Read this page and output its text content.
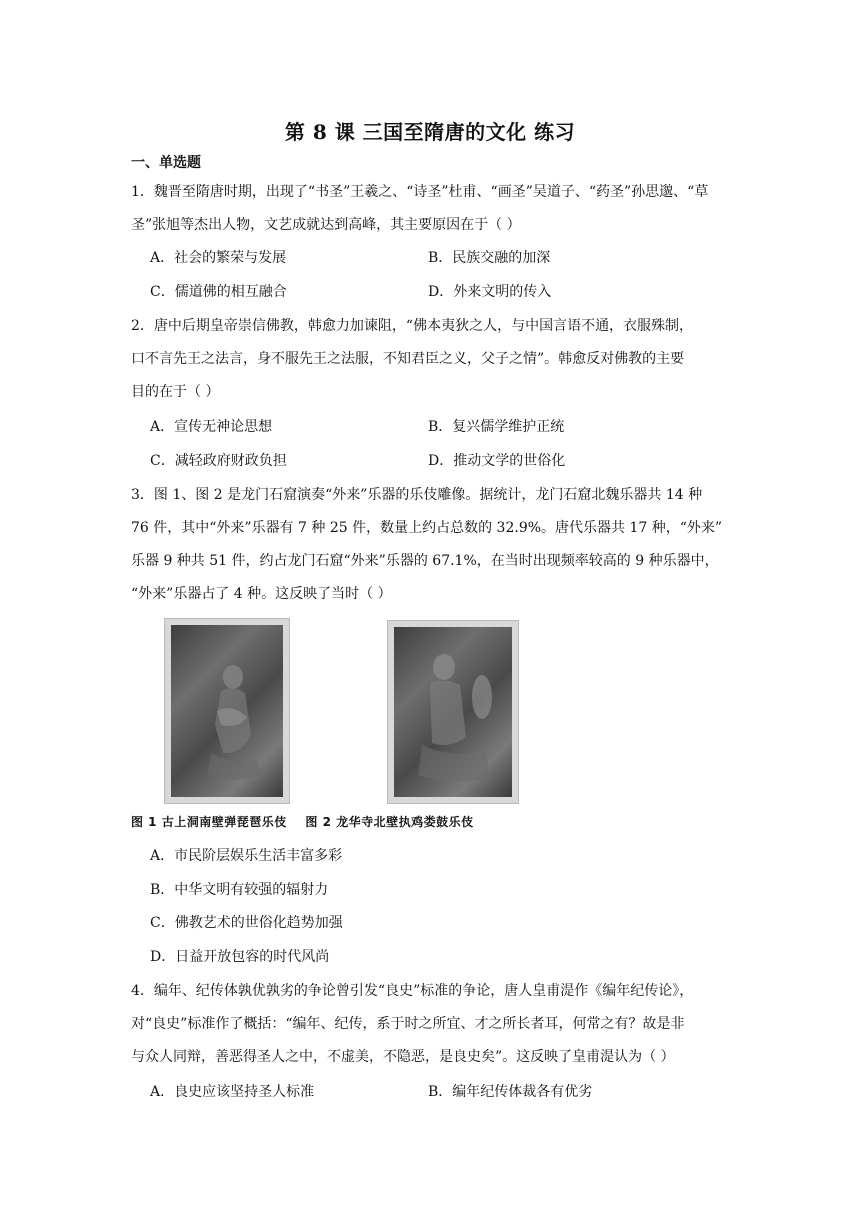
第 8 课 三国至隋唐的文化 练习
一、单选题
1．魏晋至隋唐时期，出现了“书圣”王羲之、“诗圣”杜甫、“画圣”吴道子、“药圣”孙思邈、“草
圣”张旭等杰出人物，文艺成就达到高峰，其主要原因在于（ ）
A．社会的繁荣与发展	B．民族交融的加深
C．儒道佛的相互融合	D．外来文明的传入
2．唐中后期皇帝崇信佛教，韩愈力加谏阻，“佛本夷狄之人，与中国言语不通，衣服殊制，
口不言先王之法言，身不服先王之法服，不知君臣之义，父子之情”。韩愈反对佛教的主要
目的在于（ ）
A．宣传无神论思想	B．复兴儒学维护正统
C．减轻政府财政负担	D．推动文学的世俗化
3．图 1、图 2 是龙门石窟演奏“外来”乐器的乐伎雕像。据统计，龙门石窟北魏乐器共 14 种
76 件，其中“外来”乐器有 7 种 25 件，数量上约占总数的 32.9%。唐代乐器共 17 种，“外来”
乐器 9 种共 51 件，约占龙门石窟“外来”乐器的 67.1%，在当时出现频率较高的 9 种乐器中，
“外来”乐器占了 4 种。这反映了当时（ ）
图 1 古上洞南壁弹琵琶乐伎 图 2 龙华寺北壁执鸡娄鼓乐伎
A．市民阶层娱乐生活丰富多彩
B．中华文明有较强的辐射力
C．佛教艺术的世俗化趋势加强
D．日益开放包容的时代风尚
4．编年、纪传体孰优孰劣的争论曾引发“良史”标准的争论，唐人皇甫湜作《编年纪传论》，
对“良史”标准作了概括：“编年、纪传，系于时之所宜、才之所长者耳，何常之有？故是非
与众人同辩，善恶得圣人之中，不虚美，不隐恶，是良史矣”。这反映了皇甫湜认为（ ）
A．良史应该坚持圣人标准	B．编年纪传体裁各有优劣
